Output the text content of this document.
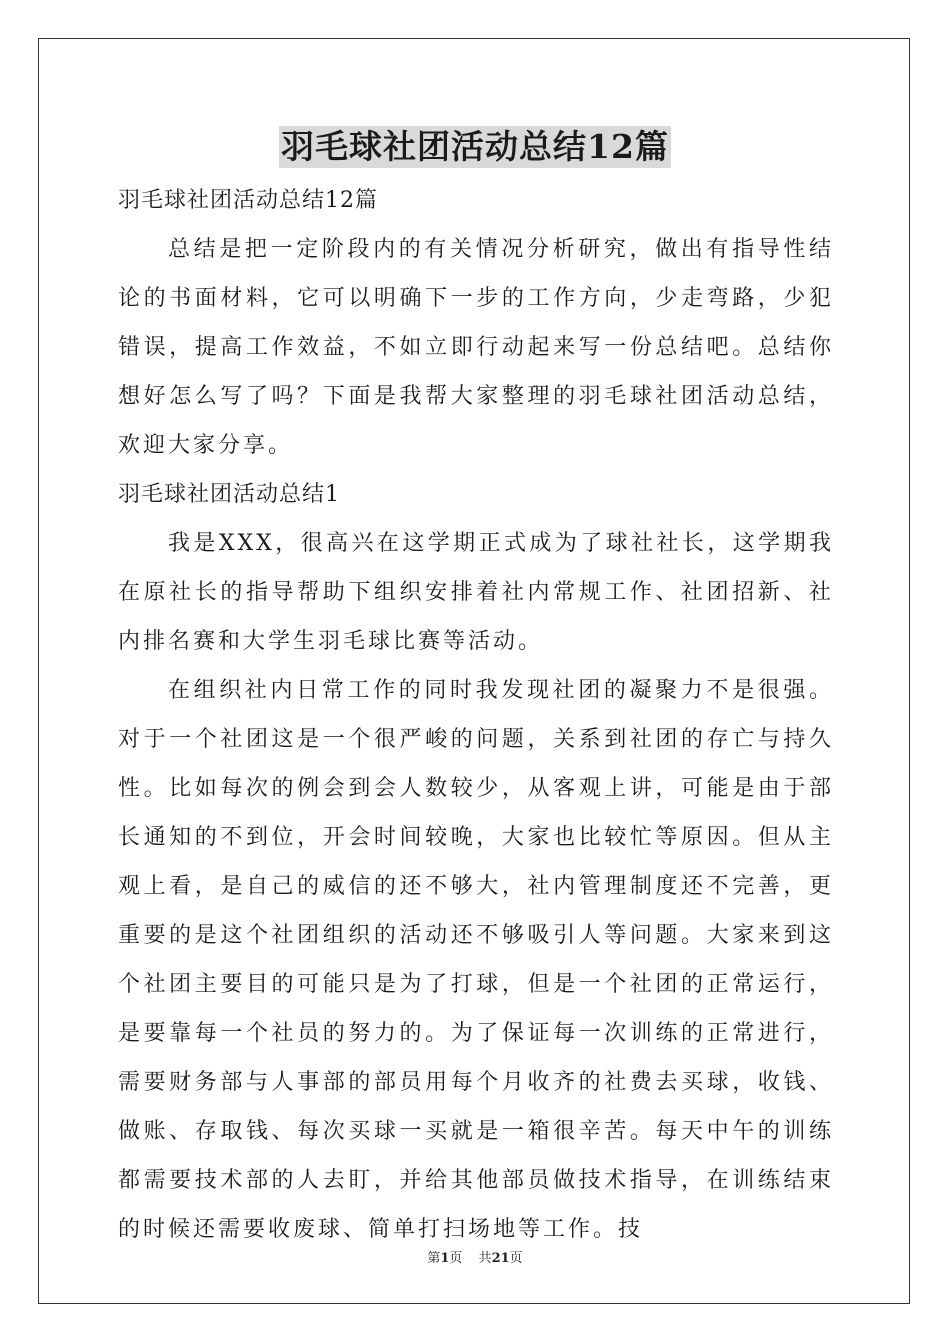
羽毛球社团活动总结12篇

羽毛球社团活动总结12篇

总结是把一定阶段内的有关情况分析研究，做出有指导性结论的书面材料，它可以明确下一步的工作方向，少走弯路，少犯错误，提高工作效益，不如立即行动起来写一份总结吧。总结你想好怎么写了吗？下面是我帮大家整理的羽毛球社团活动总结，欢迎大家分享。

羽毛球社团活动总结1

我是XXX，很高兴在这学期正式成为了球社社长，这学期我在原社长的指导帮助下组织安排着社内常规工作、社团招新、社内排名赛和大学生羽毛球比赛等活动。

在组织社内日常工作的同时我发现社团的凝聚力不是很强。对于一个社团这是一个很严峻的问题，关系到社团的存亡与持久性。比如每次的例会到会人数较少，从客观上讲，可能是由于部长通知的不到位，开会时间较晚，大家也比较忙等原因。但从主观上看，是自己的威信的还不够大，社内管理制度还不完善，更重要的是这个社团组织的活动还不够吸引人等问题。大家来到这个社团主要目的可能只是为了打球，但是一个社团的正常运行，是要靠每一个社员的努力的。为了保证每一次训练的正常进行，需要财务部与人事部的部员用每个月收齐的社费去买球，收钱、做账、存取钱、每次买球一买就是一箱很辛苦。每天中午的训练都需要技术部的人去盯，并给其他部员做技术指导，在训练结束的时候还需要收废球、简单打扫场地等工作。技

第1页 共21页
